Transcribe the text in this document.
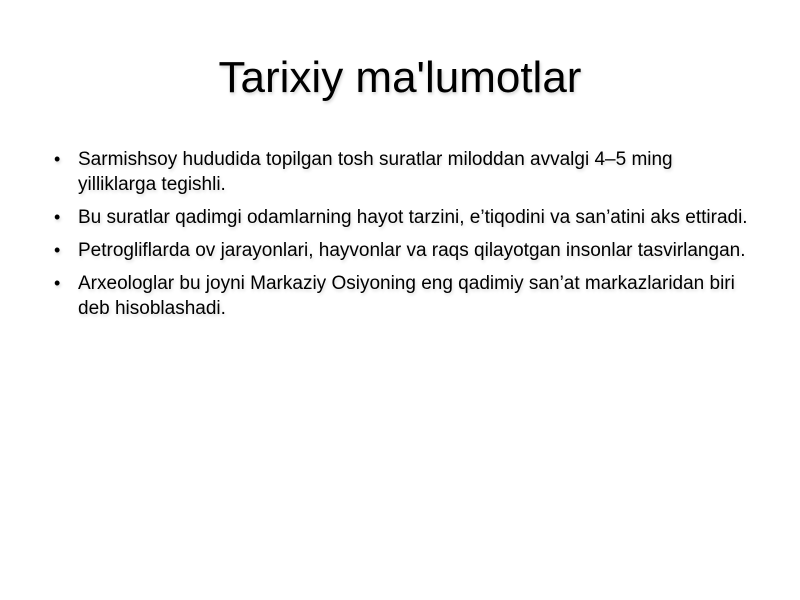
Tarixiy ma'lumotlar
• Sarmishsoy hududida topilgan tosh suratlar miloddan avvalgi 4–5 ming yilliklarga tegishli.
• Bu suratlar qadimgi odamlarning hayot tarzini, e’tiqodini va san’atini aks ettiradi.
• Petrogliflarda ov jarayonlari, hayvonlar va raqs qilayotgan insonlar tasvirlangan.
• Arxeologlar bu joyni Markaziy Osiyoning eng qadimiy san’at markazlaridan biri deb hisoblashadi.
